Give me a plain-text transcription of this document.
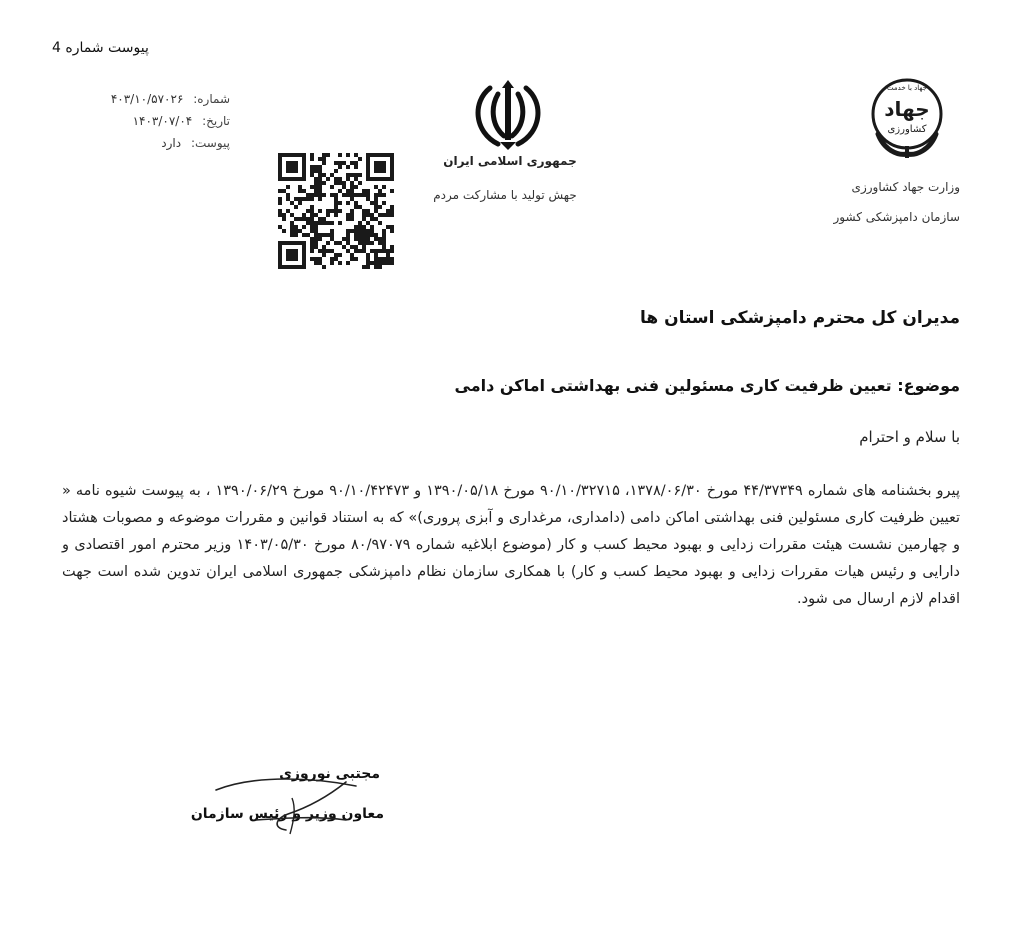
پیوست شماره 4
شماره: ۴۰۳/۱۰/۵۷۰۲۶
تاریخ: ۱۴۰۳/۰۷/۰۴
پیوست: دارد
جمهوری اسلامی ایران
جهش تولید با مشارکت مردم
جهاد با خدمت
جهاد
کشاورزی
وزارت جهاد کشاورزی
سازمان دامپزشکی کشور
مدیران کل محترم دامپزشکی استان ها
موضوع: تعیین ظرفیت کاری مسئولین فنی بهداشتی اماکن دامی
با سلام و احترام
پیرو بخشنامه های شماره ۴۴/۳۷۳۴۹ مورخ ۱۳۷۸/۰۶/۳۰، ۹۰/۱۰/۳۲۷۱۵ مورخ ۱۳۹۰/۰۵/۱۸ و ۹۰/۱۰/۴۲۴۷۳ مورخ ۱۳۹۰/۰۶/۲۹ ، به پیوست شیوه نامه « تعیین ظرفیت کاری مسئولین فنی بهداشتی اماکن دامی (دامداری، مرغداری و آبزی پروری)» که به استناد قوانین و مقررات موضوعه و مصوبات هشتاد و چهارمین نشست هیئت مقررات زدایی و بهبود محیط کسب و کار (موضوع ابلاغیه شماره ۸۰/۹۷۰۷۹ مورخ ۱۴۰۳/۰۵/۳۰ وزیر محترم امور اقتصادی و دارایی و رئیس هیات مقررات زدایی و بهبود محیط کسب و کار) با همکاری سازمان نظام دامپزشکی جمهوری اسلامی ایران تدوین شده است جهت اقدام لازم ارسال می شود.
مجتبی نوروزی
معاون وزیر و رئیس سازمان
